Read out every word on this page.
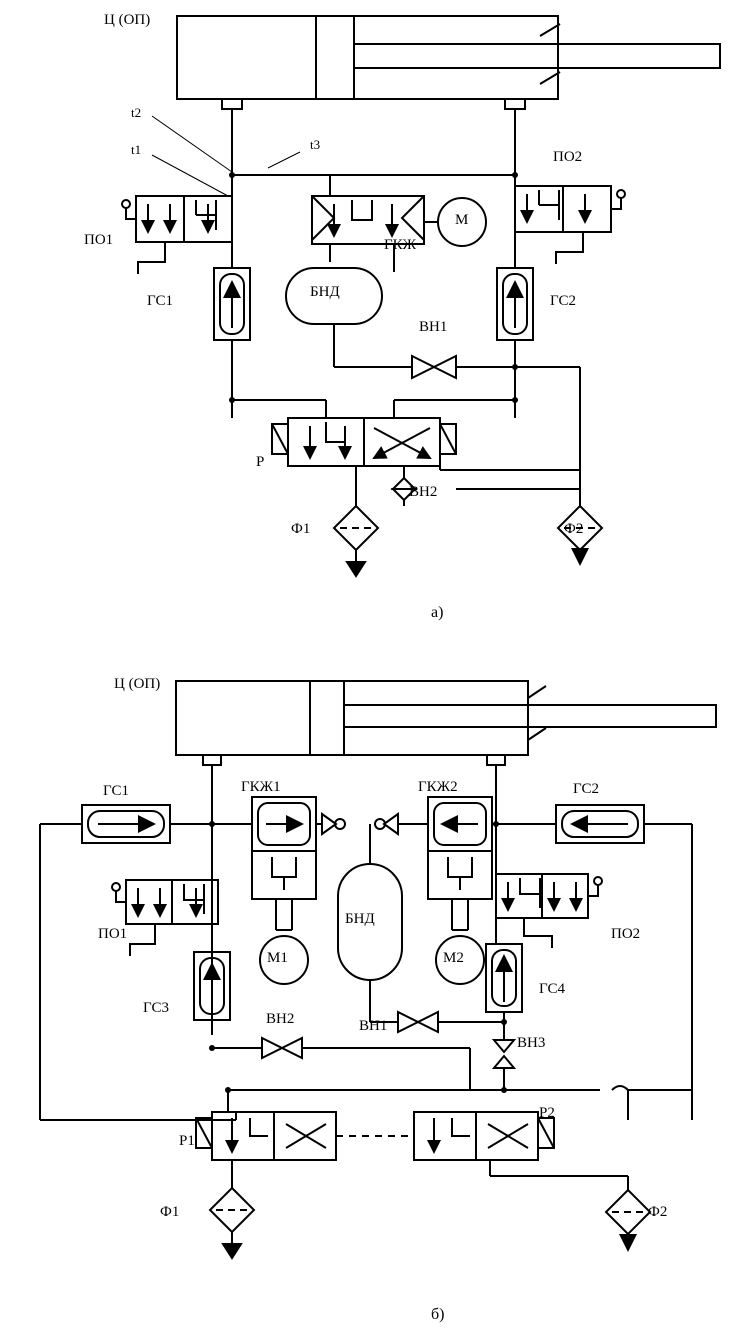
Ц (ОП)
t2
t1	t3
ПО1
ПО2
ГС1	ГС2
ГКЖ
М
БНД
ВН1
Р
ВН2
Ф1	Ф2
а)
Ц (ОП)
ГС1	ГКЖ1	ГКЖ2	ГС2
ПО1	ПО2
М1
БНД
М2
ГС3
ГС4
ВН2	ВН1
ВН3
Р1
Р2
Ф1	Ф2
б)
